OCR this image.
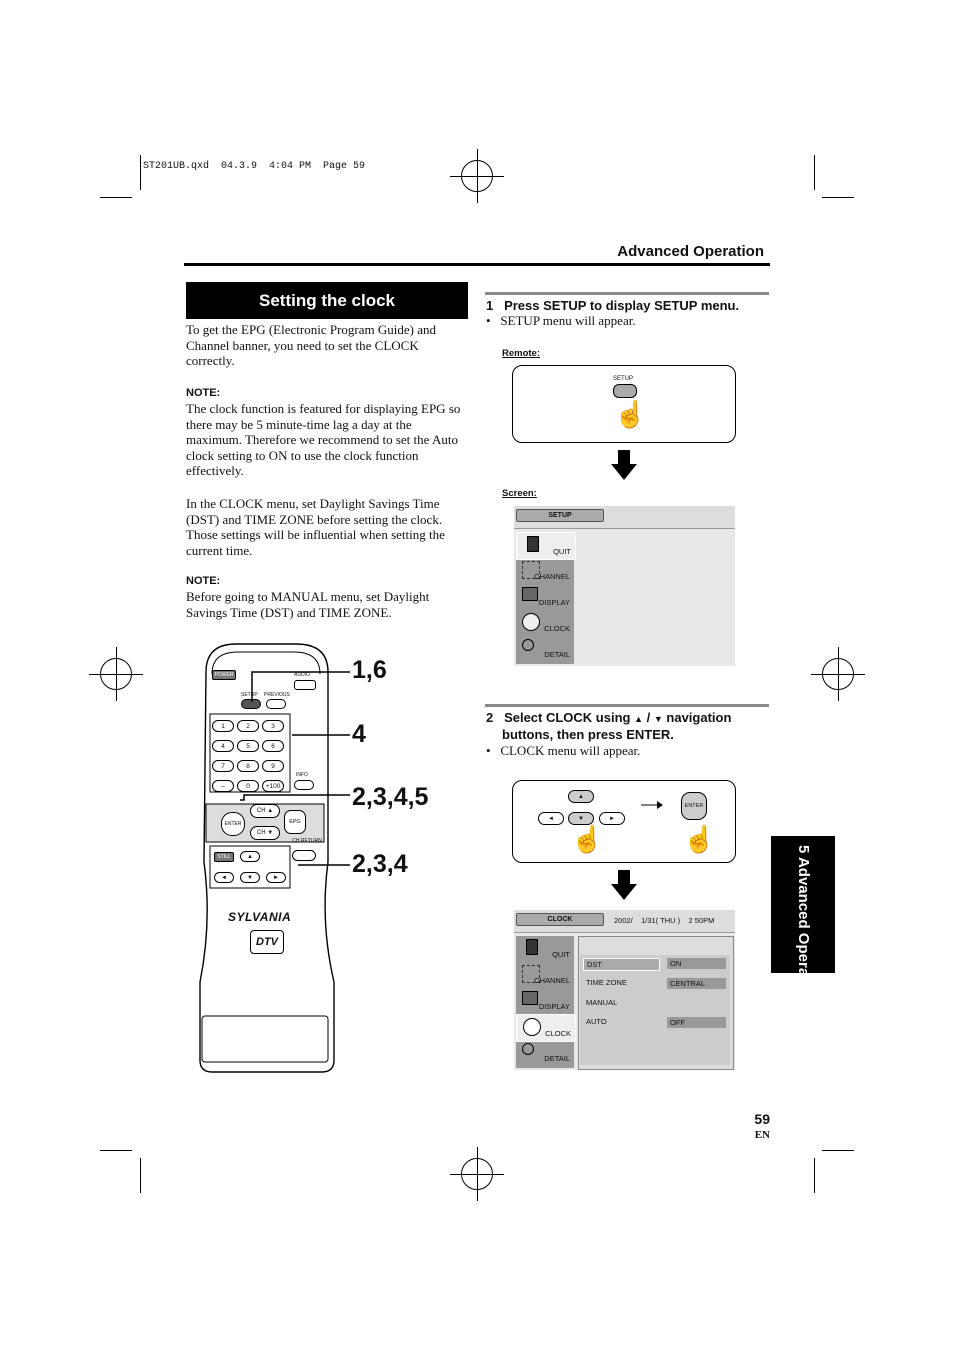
ST201UB.qxd  04.3.9  4:04 PM  Page 59
Advanced Operation
Setting the clock

To get the EPG (Electronic Program Guide) and Channel banner, you need to set the CLOCK correctly.

NOTE:

The clock function is featured for displaying EPG so there may be 5 minute-time lag a day at the maximum. Therefore we recommend to set the Auto clock setting to ON to use the clock function effectively.

In the CLOCK menu, set Daylight Savings Time (DST) and TIME ZONE before setting the clock. Those settings will be influential when setting the current time.

NOTE:

Before going to MANUAL menu, set Daylight Savings Time (DST) and TIME ZONE.

POWER	AUDIO
SETUP PREVIOUS
1	2	3
4	5	6
7	8	9
–	0	+100
INFO
ENTER
CH ▲
CH ▼
EPG
CH RETURN
STILL	▲
◄	▼	►
SYLVANIA
DTV
1,6
4
2,3,4,5
2,3,4
1   Press SETUP to display SETUP menu.
•   SETUP menu will appear.
Remote:
SETUP
☝
Screen:
SETUP
QUIT
CHANNEL
DISPLAY
CLOCK
DETAIL
2   Select CLOCK using ▲ / ▼ navigation
buttons, then press ENTER.
•   CLOCK menu will appear.
▲
◄	▼	►
☝
ENTER
☝
CLOCK	2002/    1/31( THU )    2 50PM
QUIT
CHANNEL
DISPLAY
CLOCK
DETAIL
DST	ON
TIME ZONE	CENTRAL
MANUAL
AUTO	OFF
5 Advanced Operation
59
EN
